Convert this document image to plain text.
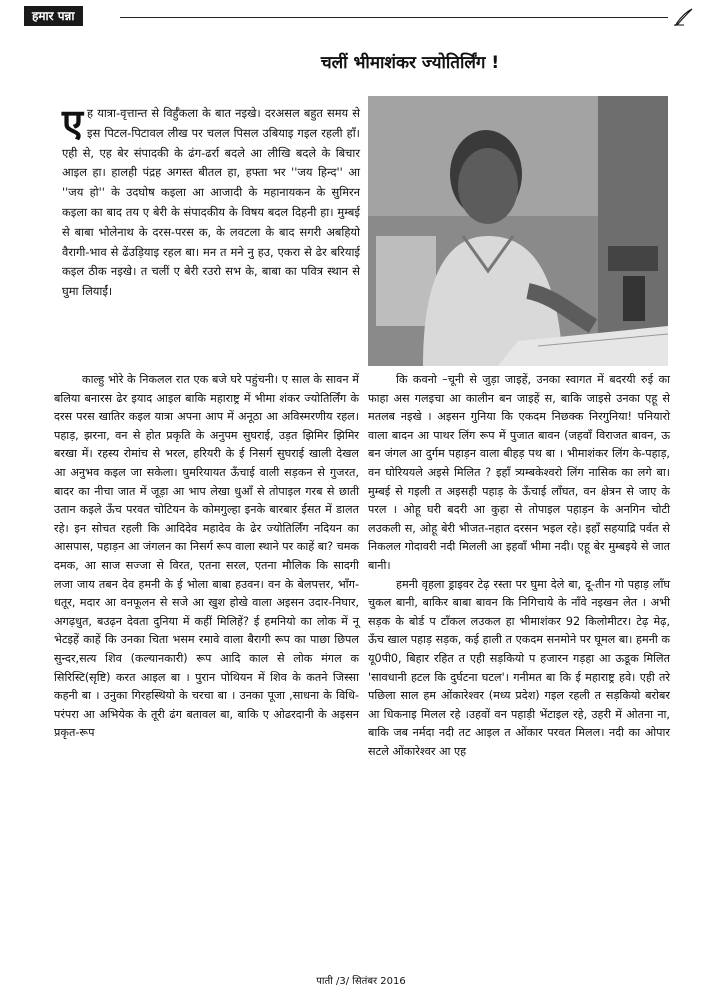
हमार पन्ना
चलीं भीमाशंकर ज्योतिर्लिंग !
ए ह यात्रा-वृत्तान्त से विर्हुँकला के बात नइखे। दरअसल बहुत समय से इस पिटल-पिटावल लीख पर चलल पिसल उबियाइ गइल रहली हाँ। एही से, एह बेर संपादकी के ढंग-ढर्रा बदले आ लीखि बदले के बिचार आइल हा। हालही पंद्रह अगस्त बीतल हा, हफ्ता भर ''जय हिन्द'' आ ''जय हो'' के उदघोष कइला आ आजादी के महानायकन के सुमिरन कइला का बाद तय ए बेरी के संपादकीय के विषय बदल दिहनी हा। मुम्बई से बाबा भोलेनाथ के दरस-परस क, के लवटला के बाद सगरी अबहियो वैरागी-भाव से ढेंउड़ियाइ रहल बा। मन त मने नु हउ, एकरा से ढेर बरियाई कइल ठीक नइखे। त चलीं ए बेरी रउरो सभ के, बाबा का पवित्र स्थान से घुमा लियाईं।

काल्हु भोरे के निकलल रात एक बजे घरे पहुंचनी। ए साल के सावन में बलिया बनारस ढेर इयाद आइल बाकि महाराष्ट्र में भीमा शंकर ज्योतिर्लिंग के दरस परस खातिर कइल यात्रा अपना आप में अनूठा आ अविस्मरणीय रहल। पहाड़, झरना, वन से होत प्रकृति के अनुपम सुघराई, उड़त झिमिर झिमिर बरखा में। रहस्य रोमांच से भरल, हरियरी के ई निसर्ग सुघराई खाली देखल आ अनुभव कइल जा सकेला। घुमरियायत ऊँचाई वाली सड़कन से गुजरत, बादर का नीचा जात में जूड़ा आ भाप लेखा धुआँ से तोपाइल गरब से छाती उतान कइले ऊँच परवत चोटियन के कोमगुल्हा इनके बारबार ईसत में डालत रहे। इन सोचत रहली कि आदिदेव महादेव के ढेर ज्योतिर्लिंग नदियन का आसपास, पहाड़न आ जंगलन का निसर्ग रूप वाला स्थाने पर काहें बा? चमक दमक, आ साज सज्जा से विरत, एतना सरल, एतना मौलिक कि सादगी लजा जाय तबन देव हमनी के ई भोला बाबा हउवन। वन के बेलपत्तर, भाँग-धतूर, मदार आ वनफूलन से सजे आ खुश होखे वाला अइसन उदार-निघार, अगढ़धुत, बउढ़न देवता दुनिया में कहीं मिलिहें? ई हमनियो का लोक में नू भेटइहें काहें कि उनका चिता भसम रमावे वाला बैरागी रूप का पाछा छिपल सुन्दर,सत्य शिव (कल्यानकारी) रूप आदि काल से लोक मंगल क सिरिस्टि(सृष्टि) करत आइल बा । पुरान पोथियन में शिव के कतने जिस्सा कहनी बा । उनुका गिरहस्थियो के चरचा बा । उनका पूजा ,साधना के विधि-परंपरा आ अभियेक के तूरी ढंग बतावल बा, बाकि ए ओढरदानी के अइसन प्रकृत-रूप

कि कवनो –चूनी से जुड़ा जाइहें, उनका स्वागत में बदरयी रुई का फाहा अस गलइचा आ कालीन बन जाइहें स, बाकि जाइसे उनका एहू से मतलब नइखे । अइसन गुनिया कि एकदम निछक्क निरगुनिया! पनियारो वाला बादन आ पाथर लिंग रूप में पुजात बावन (जहवाँ विराजत बावन, ऊ बन जंगल आ दुर्गम पहाड़न वाला बीहड़ पथ बा । भीमाशंकर लिंग के-पहाड़, वन घोरिययले अइसे मिलित ? इहाँ त्र्यम्बकेश्वरो लिंग नासिक का लगे बा। मुम्बई से गइली त अइसही पहाड़ के ऊँचाई लाँघत, वन क्षेत्रन से जाए के परल । ओहू घरी बदरी आ कुहा से तोपाइल पहाड़न के अनगिन चोटी लउकली स, ओहू बेरी भीजत-नहात दरसन भइल रहे। इहाँ सहयाद्रि पर्वत से निकलल गोदावरी नदी मिलली आ इहवाँ भीमा नदी। एहू बेर मुम्बइये से जात बानी।

हमनी वृहला ड्राइवर टेढ़ रस्ता पर घुमा देले बा, दू-तीन गो पहाड़ लाँघ चुकल बानी, बाकिर बाबा बावन कि निगिचाये के नाँवे नइखन लेत । अभी सड़क के बोर्ड प टाँकल लउकल हा भीमाशंकर 92 किलोमीटर। टेढ़ मेढ़, ऊँच खाल पहाड़ सड़क, कई हाली त एकदम सनमोने पर घूमल बा। हमनी क यू0पी0, बिहार रहित त एही सड़कियो प हजारन गड़हा आ ऊडूक मिलित 'सावधानी हटल कि दुर्घटना घटल'। गनीमत बा कि ई महाराष्ट्र हवे। एही तरे पछिला साल हम ओंकारेश्वर (मध्य प्रदेश) गइल रहली त सड़कियो बरोबर आ धिकनाइ मिलल रहे ।उहवों वन पहाड़ी भेंटाइल रहे, उहरी में ओतना ना, बाकि जब नर्मदा नदी तट आइल त ओंकार परवत मिलल। नदी का ओपार सटले ओंकारेश्वर आ एह

पाती /3/ सितंबर 2016
